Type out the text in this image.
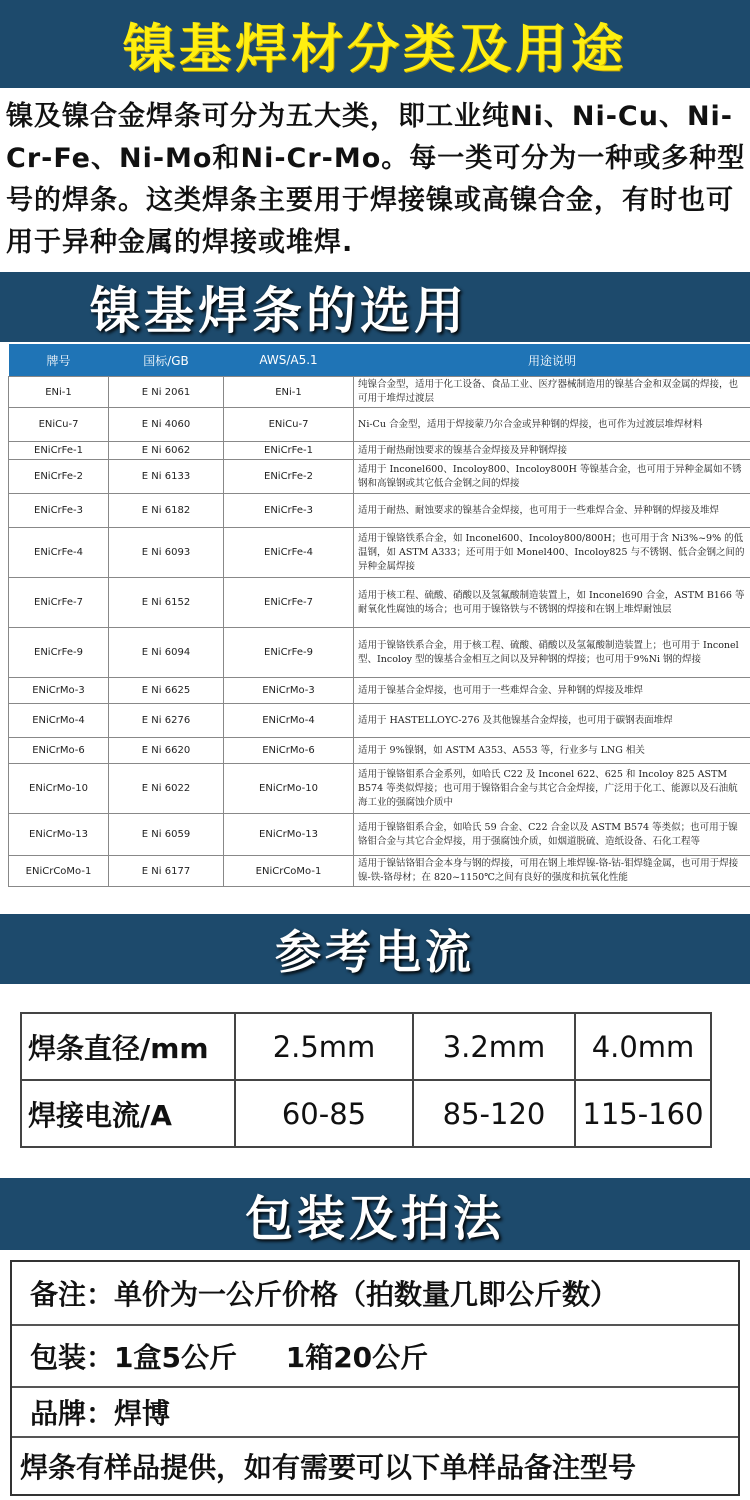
镍基焊材分类及用途
镍及镍合金焊条可分为五大类，即工业纯Ni、Ni-Cu、Ni-Cr-Fe、Ni-Mo和Ni-Cr-Mo。每一类可分为一种或多种型号的焊条。这类焊条主要用于焊接镍或高镍合金，有时也可用于异种金属的焊接或堆焊.
镍基焊条的选用
牌号	国标/GB	AWS/A5.1	用途说明
ENi-1	E Ni 2061	ENi-1	纯镍合金型，适用于化工设备、食品工业、医疗器械制造用的镍基合金和双金属的焊接，也可用于堆焊过渡层
ENiCu-7	E Ni 4060	ENiCu-7	Ni-Cu 合金型，适用于焊接蒙乃尔合金或异种钢的焊接，也可作为过渡层堆焊材料
ENiCrFe-1	E Ni 6062	ENiCrFe-1	适用于耐热耐蚀要求的镍基合金焊接及异种钢焊接
ENiCrFe-2	E Ni 6133	ENiCrFe-2	适用于 Inconel600、Incoloy800、Incoloy800H 等镍基合金，也可用于异种金属如不锈钢和高镍钢或其它低合金钢之间的焊接
ENiCrFe-3	E Ni 6182	ENiCrFe-3	适用于耐热、耐蚀要求的镍基合金焊接，也可用于一些难焊合金、异种钢的焊接及堆焊
ENiCrFe-4	E Ni 6093	ENiCrFe-4	适用于镍铬铁系合金，如 Inconel600、Incoloy800/800H；也可用于含 Ni3%~9% 的低温钢，如 ASTM A333；还可用于如 Monel400、Incoloy825 与不锈钢、低合金钢之间的异种金属焊接
ENiCrFe-7	E Ni 6152	ENiCrFe-7	适用于核工程、硫酸、硝酸以及氢氟酸制造装置上，如 Inconel690 合金，ASTM B166 等耐氧化性腐蚀的场合；也可用于镍铬铁与不锈钢的焊接和在钢上堆焊耐蚀层
ENiCrFe-9	E Ni 6094	ENiCrFe-9	适用于镍铬铁系合金，用于核工程、硫酸、硝酸以及氢氟酸制造装置上；也可用于 Inconel 型、Incoloy 型的镍基合金相互之间以及异种钢的焊接；也可用于9%Ni 钢的焊接
ENiCrMo-3	E Ni 6625	ENiCrMo-3	适用于镍基合金焊接，也可用于一些难焊合金、异种钢的焊接及堆焊
ENiCrMo-4	E Ni 6276	ENiCrMo-4	适用于 HASTELLOYC-276 及其他镍基合金焊接，也可用于碳钢表面堆焊
ENiCrMo-6	E Ni 6620	ENiCrMo-6	适用于 9%镍钢，如 ASTM A353、A553 等，行业多与 LNG 相关
ENiCrMo-10	E Ni 6022	ENiCrMo-10	适用于镍铬钼系合金系列，如哈氏 C22 及 Inconel 622、625 和 Incoloy 825 ASTM B574 等类似焊接；也可用于镍铬钼合金与其它合金焊接，广泛用于化工、能源以及石油航海工业的强腐蚀介质中
ENiCrMo-13	E Ni 6059	ENiCrMo-13	适用于镍铬钼系合金，如哈氏 59 合金、C22 合金以及 ASTM B574 等类似；也可用于镍铬钼合金与其它合金焊接，用于强腐蚀介质，如烟道脱硫、造纸设备、石化工程等
ENiCrCoMo-1	E Ni 6177	ENiCrCoMo-1	适用于镍钴铬钼合金本身与钢的焊接，可用在钢上堆焊镍-铬-钴-钼焊缝金属，也可用于焊接镍-铁-铬母材；在 820~1150℃之间有良好的强度和抗氧化性能
参考电流
焊条直径/mm	2.5mm	3.2mm	4.0mm
焊接电流/A	60-85	85-120	115-160
包装及拍法
备注：单价为一公斤价格（拍数量几即公斤数）
包装：1盒5公斤     1箱20公斤
品牌：焊博
焊条有样品提供，如有需要可以下单样品备注型号
